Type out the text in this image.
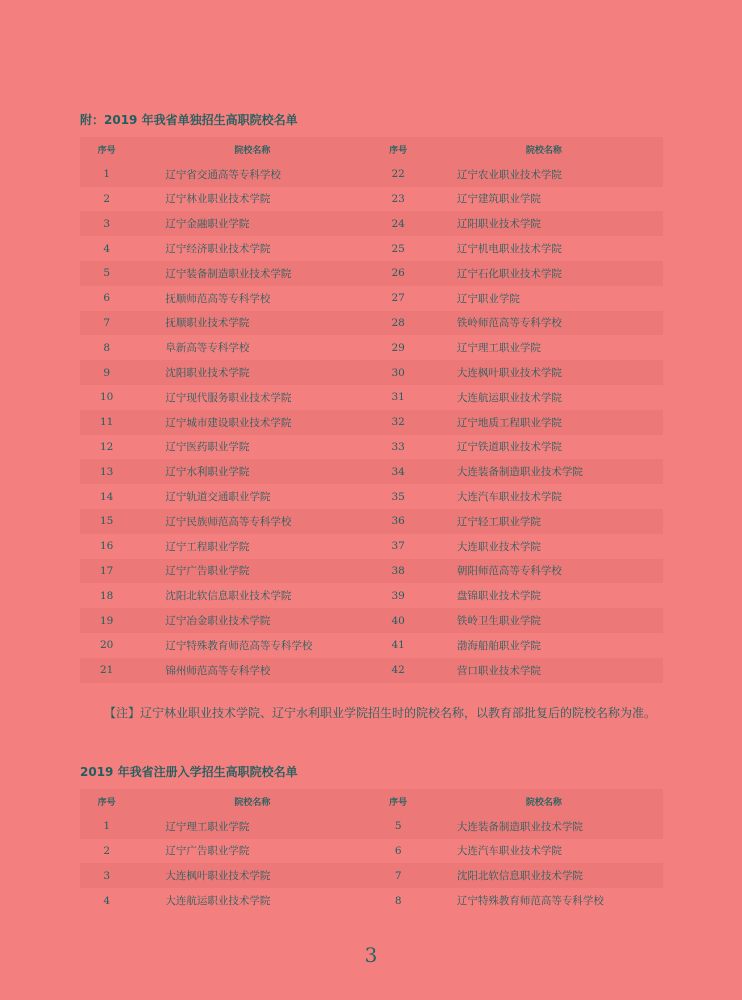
附：2019 年我省单独招生高职院校名单
序号	院校名称	序号	院校名称
1	辽宁省交通高等专科学校	22	辽宁农业职业技术学院
2	辽宁林业职业技术学院	23	辽宁建筑职业学院
3	辽宁金融职业学院	24	辽阳职业技术学院
4	辽宁经济职业技术学院	25	辽宁机电职业技术学院
5	辽宁装备制造职业技术学院	26	辽宁石化职业技术学院
6	抚顺师范高等专科学校	27	辽宁职业学院
7	抚顺职业技术学院	28	铁岭师范高等专科学校
8	阜新高等专科学校	29	辽宁理工职业学院
9	沈阳职业技术学院	30	大连枫叶职业技术学院
10	辽宁现代服务职业技术学院	31	大连航运职业技术学院
11	辽宁城市建设职业技术学院	32	辽宁地质工程职业学院
12	辽宁医药职业学院	33	辽宁铁道职业技术学院
13	辽宁水利职业学院	34	大连装备制造职业技术学院
14	辽宁轨道交通职业学院	35	大连汽车职业技术学院
15	辽宁民族师范高等专科学校	36	辽宁轻工职业学院
16	辽宁工程职业学院	37	大连职业技术学院
17	辽宁广告职业学院	38	朝阳师范高等专科学校
18	沈阳北软信息职业技术学院	39	盘锦职业技术学院
19	辽宁冶金职业技术学院	40	铁岭卫生职业学院
20	辽宁特殊教育师范高等专科学校	41	渤海船舶职业学院
21	锦州师范高等专科学校	42	营口职业技术学院

【注】辽宁林业职业技术学院、辽宁水利职业学院招生时的院校名称，以教育部批复后的院校名称为准。

2019 年我省注册入学招生高职院校名单
序号	院校名称	序号	院校名称
1	辽宁理工职业学院	5	大连装备制造职业技术学院
2	辽宁广告职业学院	6	大连汽车职业技术学院
3	大连枫叶职业技术学院	7	沈阳北软信息职业技术学院
4	大连航运职业技术学院	8	辽宁特殊教育师范高等专科学校
3
